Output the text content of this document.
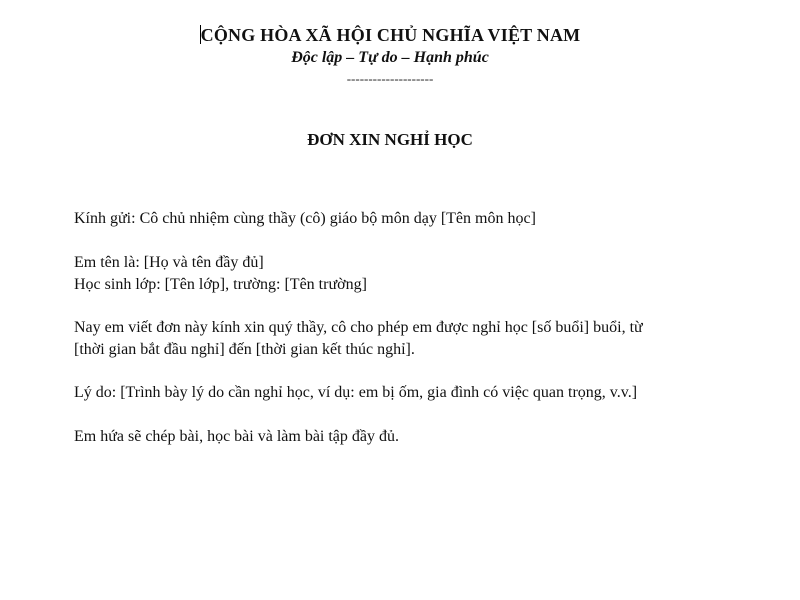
CỘNG HÒA XÃ HỘI CHỦ NGHĨA VIỆT NAM
Độc lập – Tự do – Hạnh phúc
--------------------
ĐƠN XIN NGHỈ HỌC
Kính gửi: Cô chủ nhiệm cùng thầy (cô) giáo bộ môn dạy [Tên môn học]
Em tên là: [Họ và tên đầy đủ]
Học sinh lớp: [Tên lớp], trường: [Tên trường]
Nay em viết đơn này kính xin quý thầy, cô cho phép em được nghỉ học [số buổi] buổi, từ
[thời gian bắt đầu nghỉ] đến [thời gian kết thúc nghỉ].
Lý do: [Trình bày lý do cần nghỉ học, ví dụ: em bị ốm, gia đình có việc quan trọng, v.v.]
Em hứa sẽ chép bài, học bài và làm bài tập đầy đủ.
